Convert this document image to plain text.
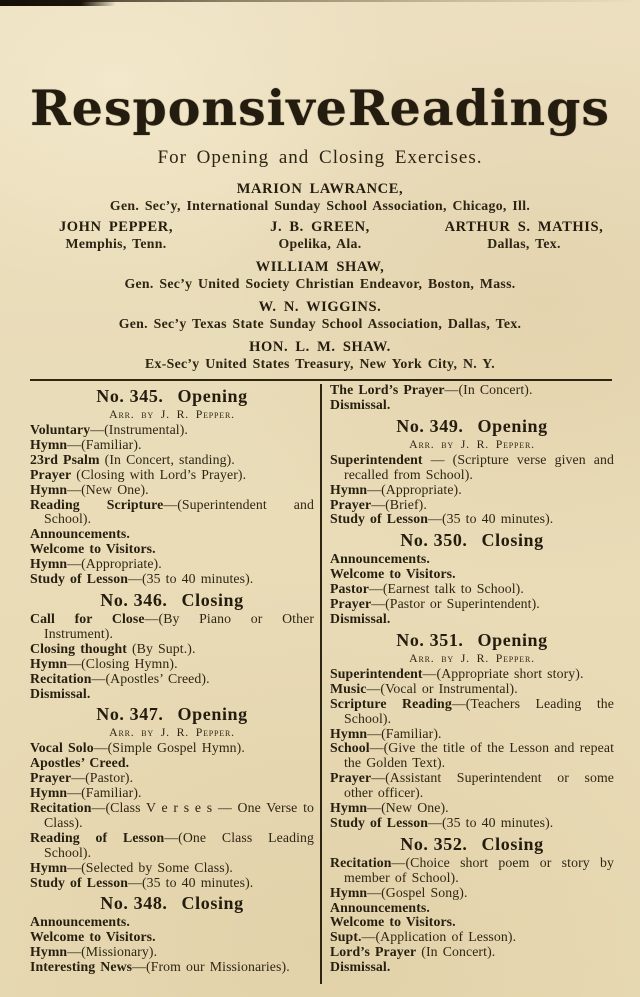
ResponsiveReadings
For Opening and Closing Exercises.
MARION LAWRANCE,
Gen. Sec’y, International Sunday School Association, Chicago, Ill.
JOHN PEPPER,
Memphis, Tenn.
J. B. GREEN,
Opelika, Ala.
ARTHUR S. MATHIS,
Dallas, Tex.
WILLIAM SHAW,
Gen. Sec’y United Society Christian Endeavor, Boston, Mass.
W. N. WIGGINS.
Gen. Sec’y Texas State Sunday School Association, Dallas, Tex.
HON. L. M. SHAW.
Ex-Sec’y United States Treasury, New York City, N. Y.
No. 345. Opening
Arr. by J. R. Pepper.
Voluntary—(Instrumental).
Hymn—(Familiar).
23rd Psalm (In Concert, standing).
Prayer (Closing with Lord’s Prayer).
Hymn—(New One).
Reading Scripture—(Superintendent and School).
Announcements.
Welcome to Visitors.
Hymn—(Appropriate).
Study of Lesson—(35 to 40 minutes).
No. 346. Closing
Call for Close—(By Piano or Other Instrument).
Closing thought (By Supt.).
Hymn—(Closing Hymn).
Recitation—(Apostles’ Creed).
Dismissal.
No. 347. Opening
Arr. by J. R. Pepper.
Vocal Solo—(Simple Gospel Hymn).
Apostles’ Creed.
Prayer—(Pastor).
Hymn—(Familiar).
Recitation—(Class V e r s e s — One Verse to Class).
Reading of Lesson—(One Class Leading School).
Hymn—(Selected by Some Class).
Study of Lesson—(35 to 40 minutes).
No. 348. Closing
Announcements.
Welcome to Visitors.
Hymn—(Missionary).
Interesting News—(From our Missionaries).
The Lord’s Prayer—(In Concert).
Dismissal.
No. 349. Opening
Arr. by J. R. Pepper.
Superintendent — (Scripture verse given and recalled from School).
Hymn—(Appropriate).
Prayer—(Brief).
Study of Lesson—(35 to 40 minutes).
No. 350. Closing
Announcements.
Welcome to Visitors.
Pastor—(Earnest talk to School).
Prayer—(Pastor or Superintendent).
Dismissal.
No. 351. Opening
Arr. by J. R. Pepper.
Superintendent—(Appropriate short story).
Music—(Vocal or Instrumental).
Scripture Reading—(Teachers Leading the School).
Hymn—(Familiar).
School—(Give the title of the Lesson and repeat the Golden Text).
Prayer—(Assistant Superintendent or some other officer).
Hymn—(New One).
Study of Lesson—(35 to 40 minutes).
No. 352. Closing
Recitation—(Choice short poem or story by member of School).
Hymn—(Gospel Song).
Announcements.
Welcome to Visitors.
Supt.—(Application of Lesson).
Lord’s Prayer (In Concert).
Dismissal.
